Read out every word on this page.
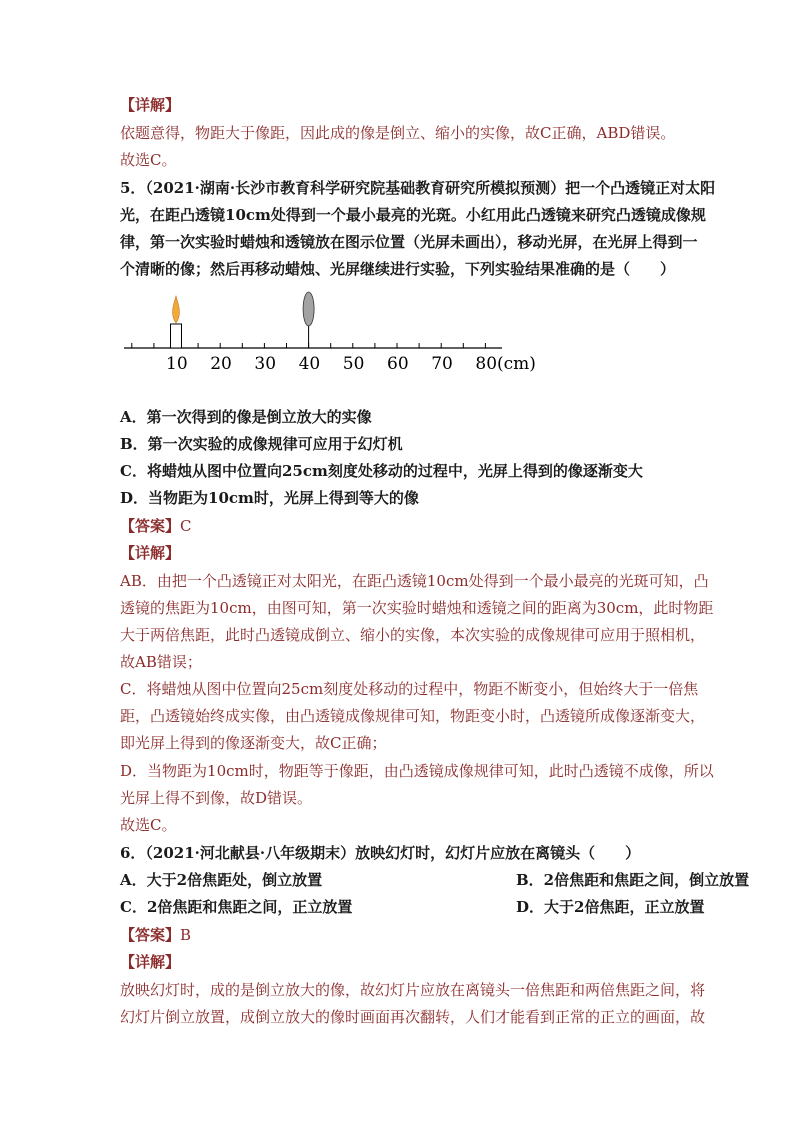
【详解】
依题意得，物距大于像距，因此成的像是倒立、缩小的实像，故C正确，ABD错误。
故选C。
5．（2021·湖南·长沙市教育科学研究院基础教育研究所模拟预测）把一个凸透镜正对太阳
光，在距凸透镜10cm处得到一个最小最亮的光斑。小红用此凸透镜来研究凸透镜成像规
律，第一次实验时蜡烛和透镜放在图示位置（光屏未画出），移动光屏，在光屏上得到一
个清晰的像；然后再移动蜡烛、光屏继续进行实验，下列实验结果准确的是（　　）
10 20 30 40 50 60 70 80(cm)
A．第一次得到的像是倒立放大的实像
B．第一次实验的成像规律可应用于幻灯机
C．将蜡烛从图中位置向25cm刻度处移动的过程中，光屏上得到的像逐渐变大
D．当物距为10cm时，光屏上得到等大的像
【答案】C
【详解】
AB．由把一个凸透镜正对太阳光，在距凸透镜10cm处得到一个最小最亮的光斑可知，凸
透镜的焦距为10cm，由图可知，第一次实验时蜡烛和透镜之间的距离为30cm，此时物距
大于两倍焦距，此时凸透镜成倒立、缩小的实像，本次实验的成像规律可应用于照相机，
故AB错误；
C．将蜡烛从图中位置向25cm刻度处移动的过程中，物距不断变小，但始终大于一倍焦
距，凸透镜始终成实像，由凸透镜成像规律可知，物距变小时，凸透镜所成像逐渐变大，
即光屏上得到的像逐渐变大，故C正确；
D．当物距为10cm时，物距等于像距，由凸透镜成像规律可知，此时凸透镜不成像，所以
光屏上得不到像，故D错误。
故选C。
6．（2021·河北献县·八年级期末）放映幻灯时，幻灯片应放在离镜头（　　）
A．大于2倍焦距处，倒立放置	B．2倍焦距和焦距之间，倒立放置
C．2倍焦距和焦距之间，正立放置	D．大于2倍焦距，正立放置
【答案】B
【详解】
放映幻灯时，成的是倒立放大的像，故幻灯片应放在离镜头一倍焦距和两倍焦距之间，将
幻灯片倒立放置，成倒立放大的像时画面再次翻转，人们才能看到正常的正立的画面，故
